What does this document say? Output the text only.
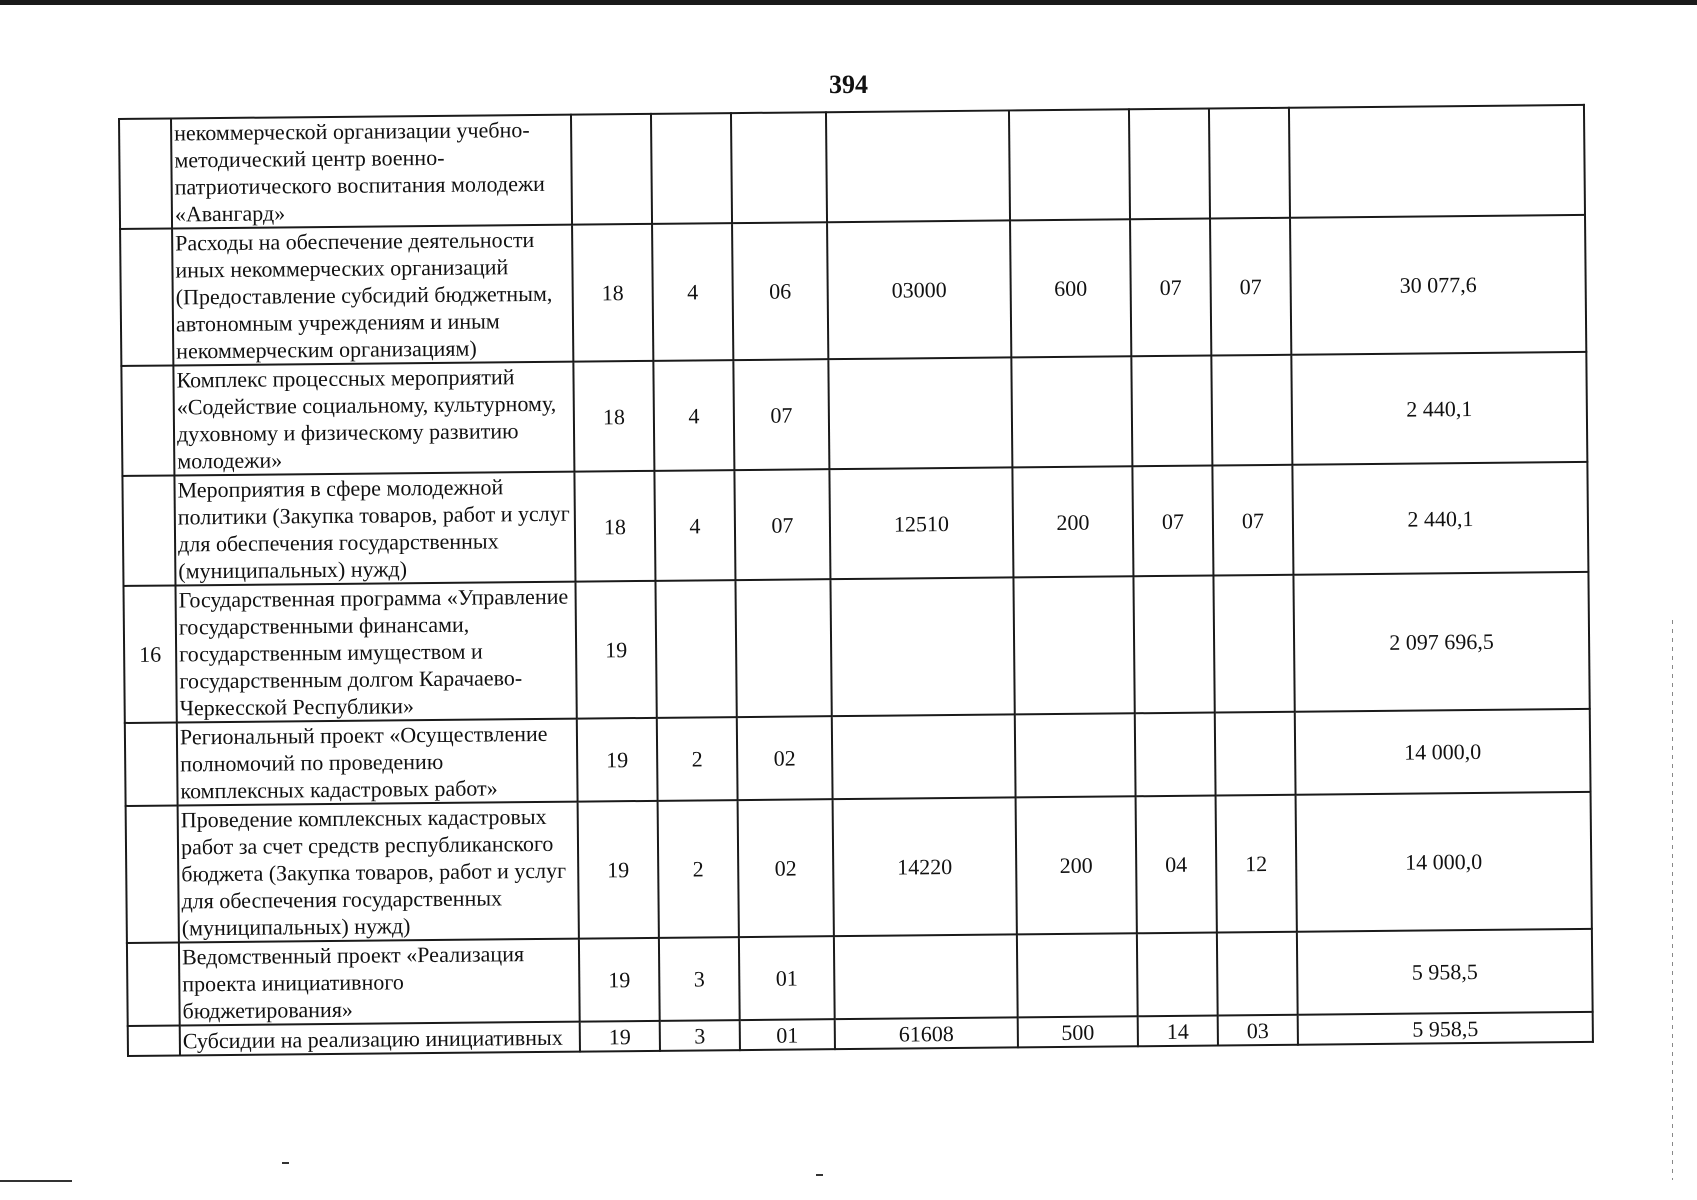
394
	некоммерческой организации учебно-методический центр военно-патриотического воспитания молодежи «Авангард»								
	Расходы на обеспечение деятельности иных некоммерческих организаций (Предоставление субсидий бюджетным, автономным учреждениям и иным некоммерческим организациям)	18	4	06	03000	600	07	07	30 077,6
	Комплекс процессных мероприятий «Содействие социальному, культурному, духовному и физическому развитию молодежи»	18	4	07					2 440,1
	Мероприятия в сфере молодежной политики (Закупка товаров, работ и услуг для обеспечения государственных (муниципальных) нужд)	18	4	07	12510	200	07	07	2 440,1
16	Государственная программа «Управление государственными финансами, государственным имуществом и государственным долгом Карачаево-Черкесской Республики»	19							2 097 696,5
	Региональный проект «Осуществление полномочий по проведению комплексных кадастровых работ»	19	2	02					14 000,0
	Проведение комплексных кадастровых работ за счет средств республиканского бюджета (Закупка товаров, работ и услуг для обеспечения государственных (муниципальных) нужд)	19	2	02	14220	200	04	12	14 000,0
	Ведомственный проект «Реализация проекта инициативного бюджетирования»	19	3	01					5 958,5
	Субсидии на реализацию инициативных	19	3	01	61608	500	14	03	5 958,5
